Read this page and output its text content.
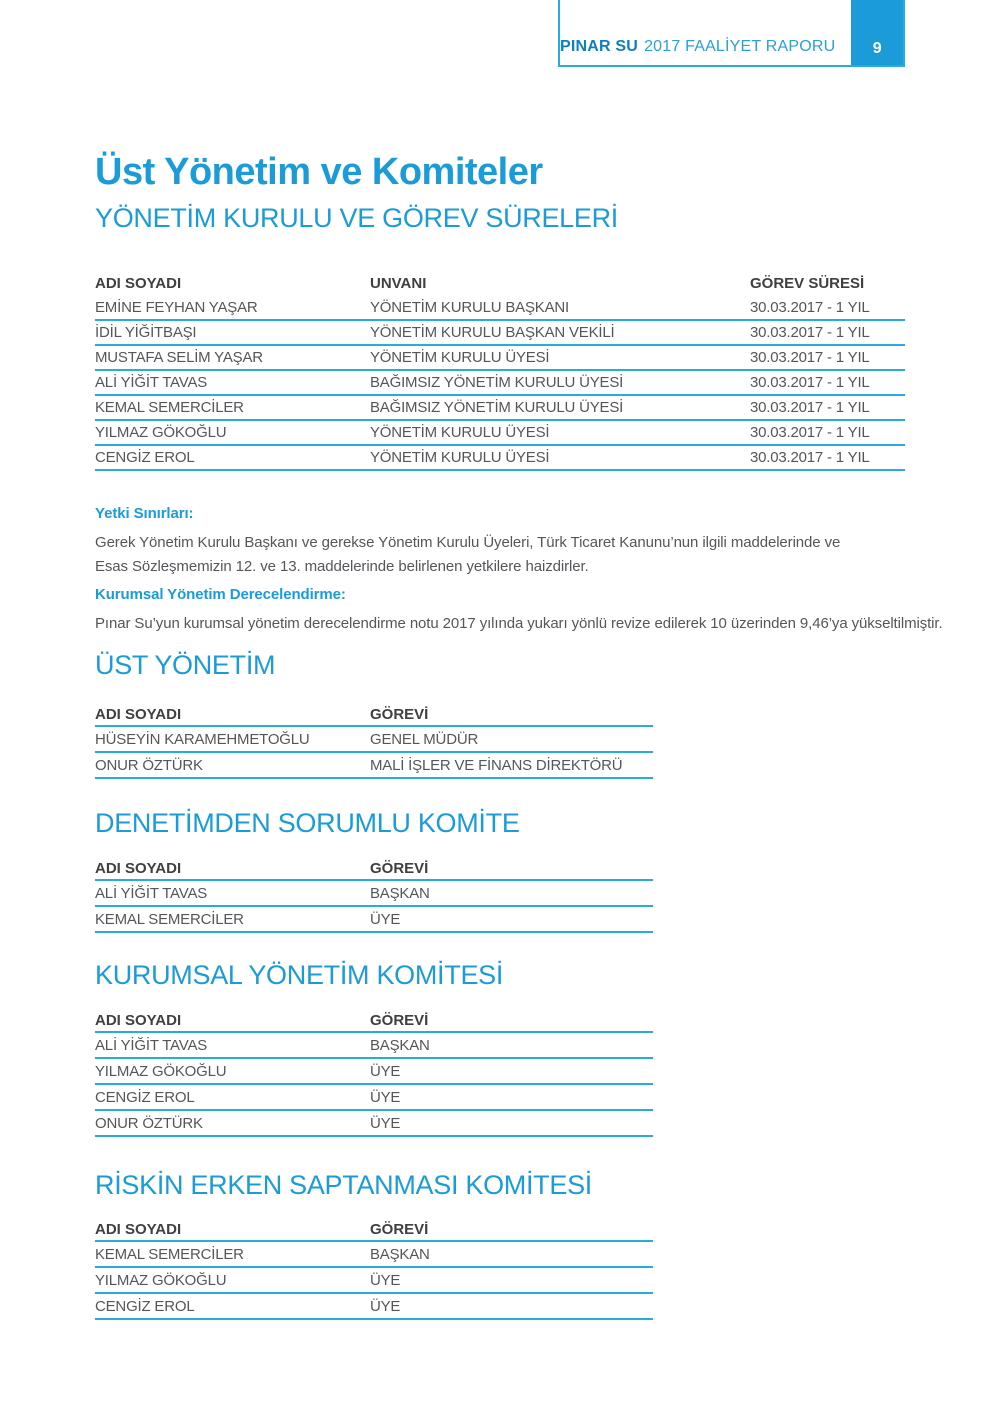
PINAR SU 2017 FAALİYET RAPORU 9
Üst Yönetim ve Komiteler
YÖNETİM KURULU VE GÖREV SÜRELERİ
ADI SOYADI	UNVANI	GÖREV SÜRESİ
EMİNE FEYHAN YAŞAR	YÖNETİM KURULU BAŞKANI	30.03.2017 - 1 YIL
İDİL YİĞİTBAŞI	YÖNETİM KURULU BAŞKAN VEKİLİ	30.03.2017 - 1 YIL
MUSTAFA SELİM YAŞAR	YÖNETİM KURULU ÜYESİ	30.03.2017 - 1 YIL
ALİ YİĞİT TAVAS	BAĞIMSIZ YÖNETİM KURULU ÜYESİ	30.03.2017 - 1 YIL
KEMAL SEMERCİLER	BAĞIMSIZ YÖNETİM KURULU ÜYESİ	30.03.2017 - 1 YIL
YILMAZ GÖKOĞLU	YÖNETİM KURULU ÜYESİ	30.03.2017 - 1 YIL
CENGİZ EROL	YÖNETİM KURULU ÜYESİ	30.03.2017 - 1 YIL
Yetki Sınırları:
Gerek Yönetim Kurulu Başkanı ve gerekse Yönetim Kurulu Üyeleri, Türk Ticaret Kanunu’nun ilgili maddelerinde ve
Esas Sözleşmemizin 12. ve 13. maddelerinde belirlenen yetkilere haizdirler.
Kurumsal Yönetim Derecelendirme:
Pınar Su’yun kurumsal yönetim derecelendirme notu 2017 yılında yukarı yönlü revize edilerek 10 üzerinden 9,46’ya yükseltilmiştir.
ÜST YÖNETİM
ADI SOYADI	GÖREVİ
HÜSEYİN KARAMEHMETOĞLU	GENEL MÜDÜR
ONUR ÖZTÜRK	MALİ İŞLER VE FİNANS DİREKTÖRÜ
DENETİMDEN SORUMLU KOMİTE
ADI SOYADI	GÖREVİ
ALİ YİĞİT TAVAS	BAŞKAN
KEMAL SEMERCİLER	ÜYE
KURUMSAL YÖNETİM KOMİTESİ
ADI SOYADI	GÖREVİ
ALİ YİĞİT TAVAS	BAŞKAN
YILMAZ GÖKOĞLU	ÜYE
CENGİZ EROL	ÜYE
ONUR ÖZTÜRK	ÜYE
RİSKİN ERKEN SAPTANMASI KOMİTESİ
ADI SOYADI	GÖREVİ
KEMAL SEMERCİLER	BAŞKAN
YILMAZ GÖKOĞLU	ÜYE
CENGİZ EROL	ÜYE
